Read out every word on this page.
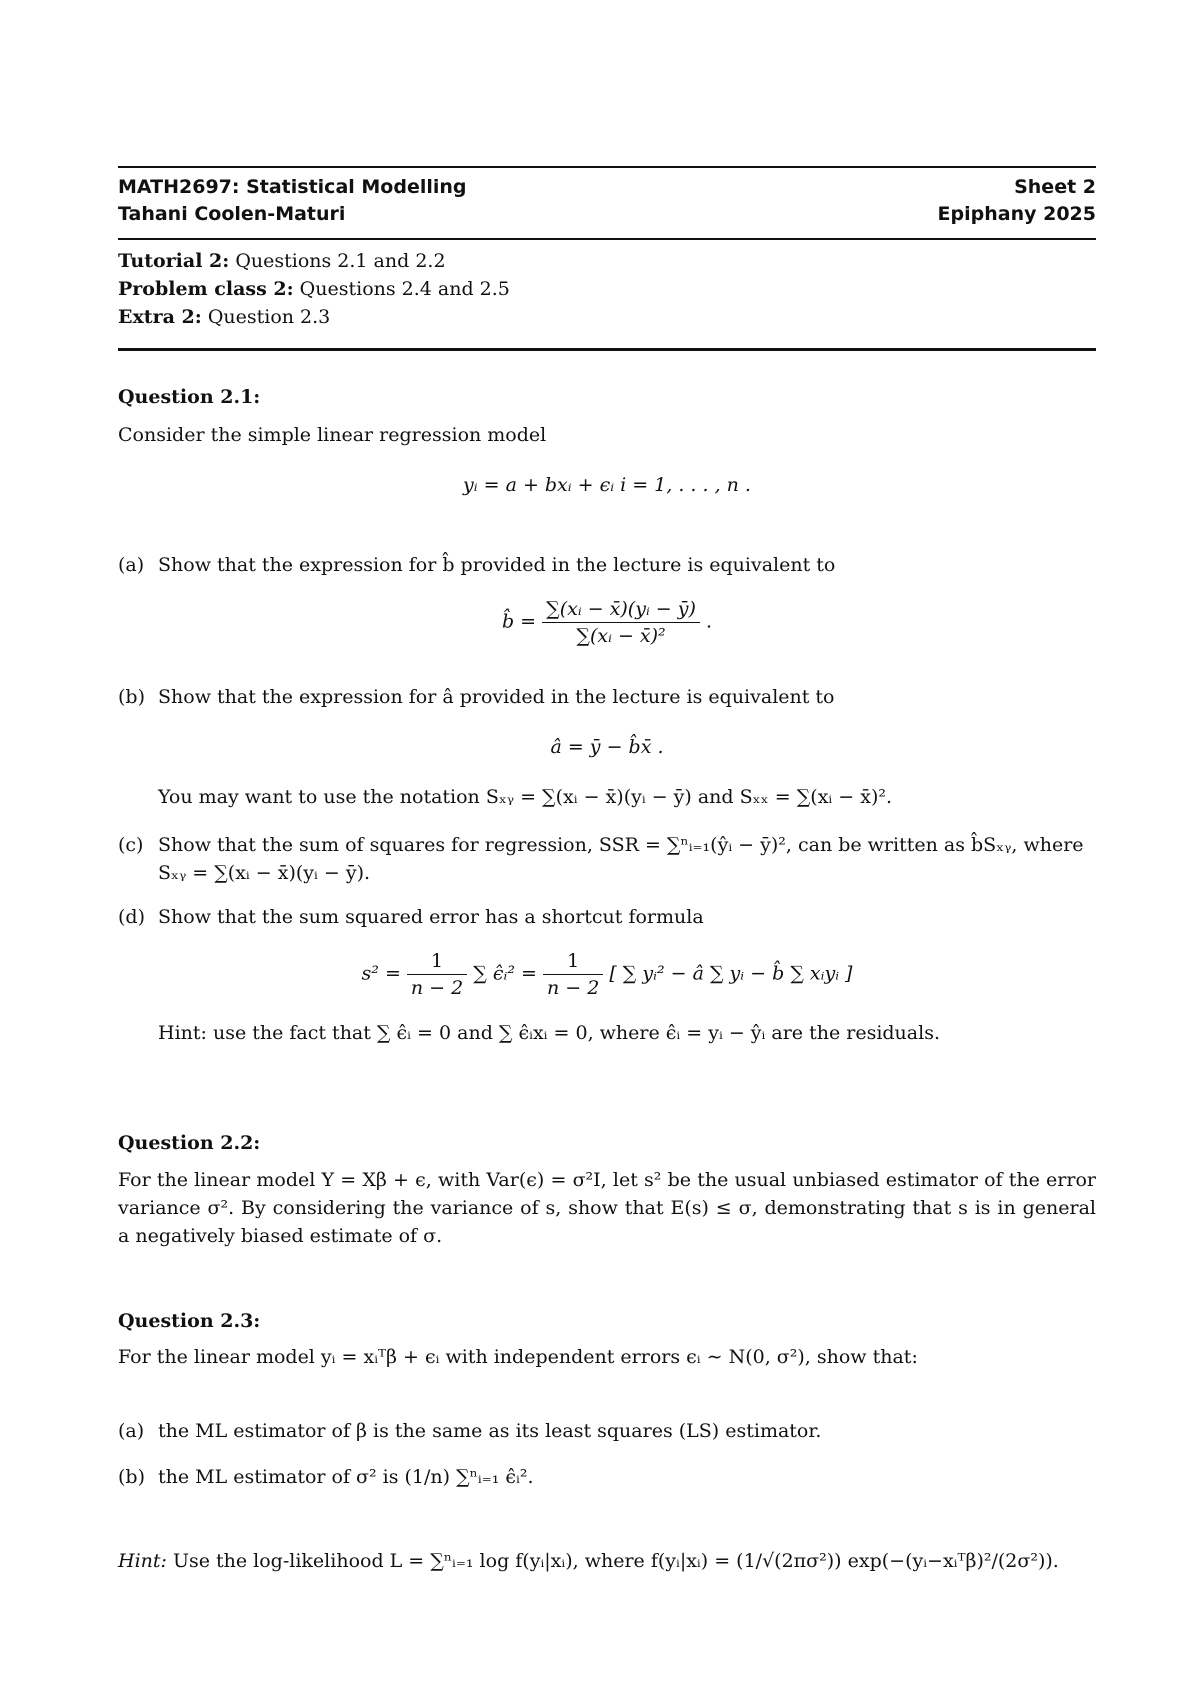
MATH2697: Statistical Modelling	Sheet 2
Tahani Coolen-Maturi	Epiphany 2025
Tutorial 2: Questions 2.1 and 2.2
Problem class 2: Questions 2.4 and 2.5
Extra 2: Question 2.3
Question 2.1:
Consider the simple linear regression model
yᵢ = a + bxᵢ + ϵᵢ i = 1, . . . , n .
(a) Show that the expression for b̂ provided in the lecture is equivalent to
b̂ = $\frac{\text{∑(xᵢ − x̄)(yᵢ − ȳ)}}{\text{∑(xᵢ − x̄)²}}$ .
(b) Show that the expression for â provided in the lecture is equivalent to
â = ȳ − b̂x̄ .
You may want to use the notation Sₓᵧ = ∑(xᵢ − x̄)(yᵢ − ȳ) and Sₓₓ = ∑(xᵢ − x̄)².
(c) Show that the sum of squares for regression, SSR = ∑ⁿᵢ₌₁(ŷᵢ − ȳ)², can be written as b̂Sₓᵧ, where
Sₓᵧ = ∑(xᵢ − x̄)(yᵢ − ȳ).
(d) Show that the sum squared error has a shortcut formula
$s^2 = \frac{1}{n - 2}$ ∑ ϵ̂ᵢ² = $\frac{1}{n - 2}$ [ ∑ yᵢ² − â ∑ yᵢ − b̂ ∑ xᵢyᵢ ]
Hint: use the fact that ∑ ϵ̂ᵢ = 0 and ∑ ϵ̂ᵢxᵢ = 0, where ϵ̂ᵢ = yᵢ − ŷᵢ are the residuals.
Question 2.2:
For the linear model Y = Xβ + ϵ, with Var(ϵ) = σ²I, let s² be the usual unbiased estimator of the error variance σ². By considering the variance of s, show that E(s) ≤ σ, demonstrating that s is in general a negatively biased estimate of σ.
Question 2.3:
For the linear model yᵢ = xᵢᵀβ + ϵᵢ with independent errors ϵᵢ ∼ N(0, σ²), show that:
(a) the ML estimator of β is the same as its least squares (LS) estimator.
(b) the ML estimator of σ² is (1/n) ∑ⁿᵢ₌₁ ϵ̂ᵢ².
Hint: Use the log-likelihood L = ∑ⁿᵢ₌₁ log f(yᵢ|xᵢ), where f(yᵢ|xᵢ) = (1/√(2πσ²)) exp(−(yᵢ−xᵢᵀβ)²/(2σ²)).
